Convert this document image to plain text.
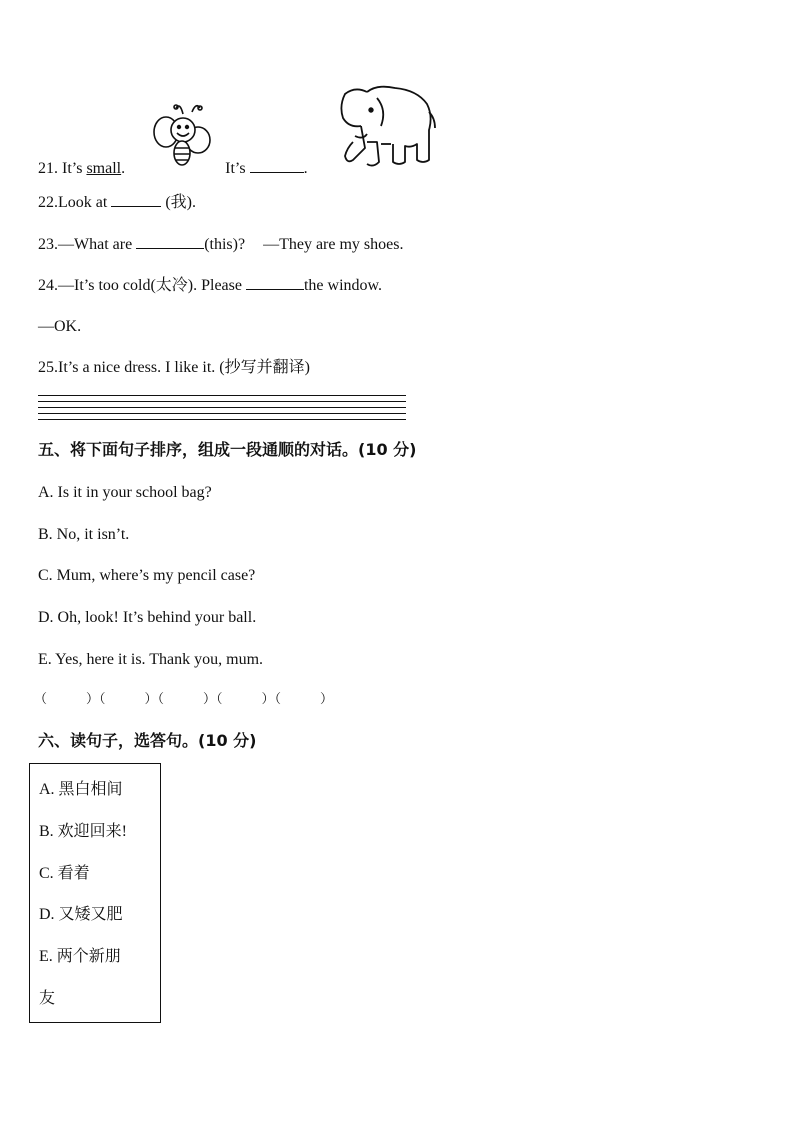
21. It’s small.	It’s	.
22.Look at	(我).
23.—What are	(this)? —They are my shoes.
24.—It’s too cold(太冷). Please	the window.
—OK.
25.It’s a nice dress. I like it. (抄写并翻译)
五、将下面句子排序，组成一段通顺的对话。(10 分)
A. Is it in your school bag?
B. No, it isn’t.
C. Mum, where’s my pencil case?
D. Oh, look! It’s behind your ball.
E. Yes, here it is. Thank you, mum.
（　　　）（　　　）（　　　）（　　　）（　　　）
六、读句子，选答句。(10 分)
A. 黑白相间
B. 欢迎回来!
C. 看着
D. 又矮又肥
E. 两个新朋
友
